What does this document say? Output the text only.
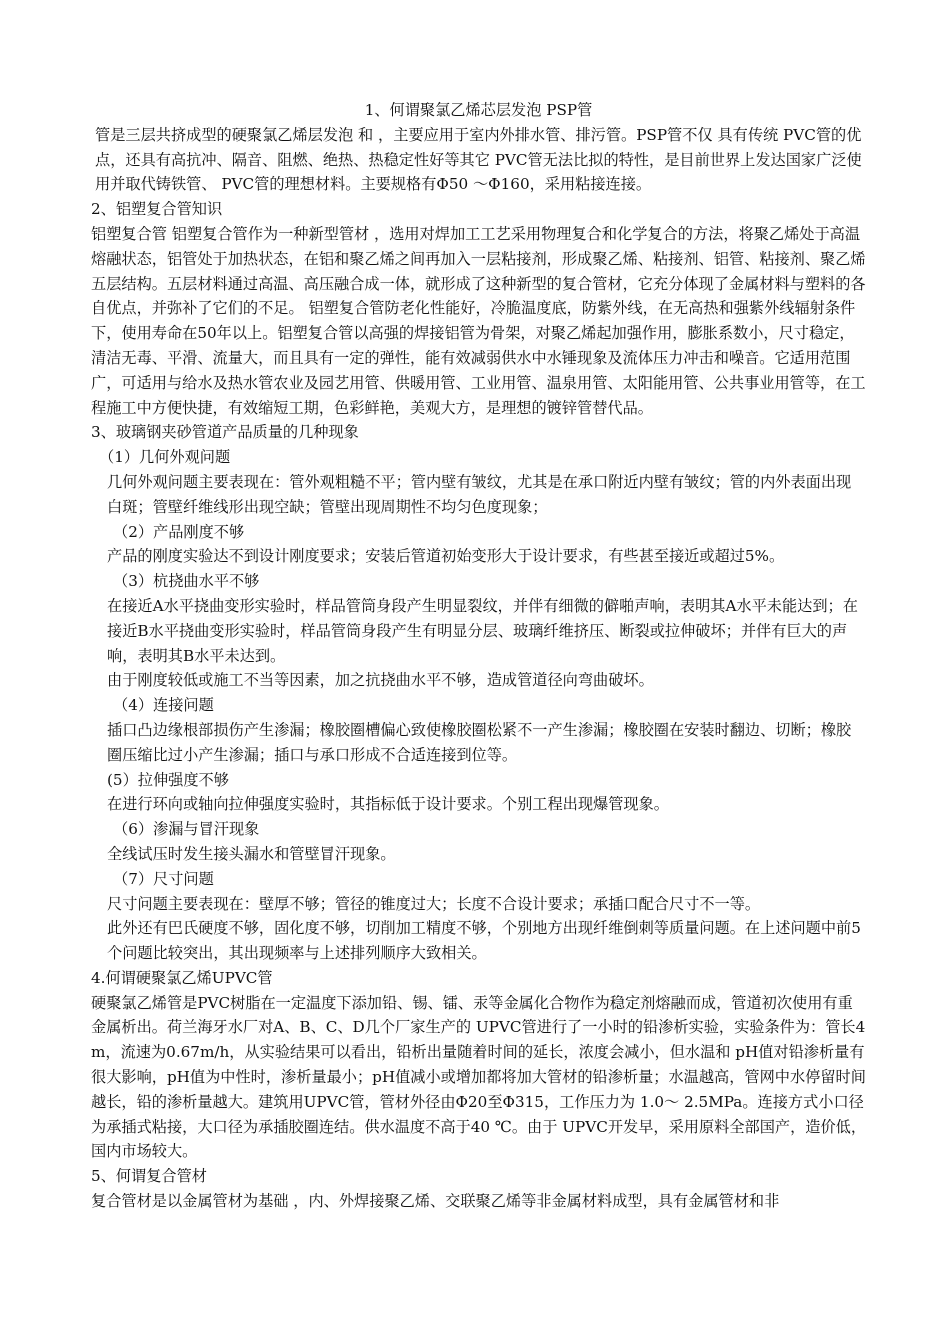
1、何谓聚氯乙烯芯层发泡 PSP管

管是三层共挤成型的硬聚氯乙烯层发泡 和 ，主要应用于室内外排水管、排污管。PSP管不仅 具有传统 PVC管的优点，还具有高抗冲、隔音、阻燃、绝热、热稳定性好等其它 PVC管无法比拟的特性，是目前世界上发达国家广泛使用并取代铸铁管、 PVC管的理想材料。主要规格有Φ50 ～Φ160，采用粘接连接。

2、铝塑复合管知识

铝塑复合管 铝塑复合管作为一种新型管材 ，选用对焊加工工艺采用物理复合和化学复合的方法，将聚乙烯处于高温熔融状态，铝管处于加热状态，在铝和聚乙烯之间再加入一层粘接剂，形成聚乙烯、粘接剂、铝管、粘接剂、聚乙烯五层结构。五层材料通过高温、高压融合成一体，就形成了这种新型的复合管材，它充分体现了金属材料与塑料的各自优点，并弥补了它们的不足。 铝塑复合管防老化性能好，冷脆温度底，防紫外线，在无高热和强紫外线辐射条件下，使用寿命在50年以上。铝塑复合管以高强的焊接铝管为骨架，对聚乙烯起加强作用，膨胀系数小，尺寸稳定，清洁无毒、平滑、流量大，而且具有一定的弹性，能有效减弱供水中水锤现象及流体压力冲击和噪音。它适用范围广，可适用与给水及热水管农业及园艺用管、供暖用管、工业用管、温泉用管、太阳能用管、公共事业用管等，在工程施工中方便快捷，有效缩短工期，色彩鲜艳，美观大方，是理想的镀锌管替代品。

3、玻璃钢夹砂管道产品质量的几种现象

（1）几何外观问题

几何外观问题主要表现在：管外观粗糙不平；管内壁有皱纹，尤其是在承口附近内壁有皱纹；管的内外表面出现白斑；管壁纤维线形出现空缺；管壁出现周期性不均匀色度现象；

（2）产品刚度不够

产品的刚度实验达不到设计刚度要求；安装后管道初始变形大于设计要求，有些甚至接近或超过5%。

（3）杭挠曲水平不够

在接近A水平挠曲变形实验时，样品管筒身段产生明显裂纹，并伴有细微的僻啪声响，表明其A水平未能达到；在接近B水平挠曲变形实验时，样品管筒身段产生有明显分层、玻璃纤维挤压、断裂或拉伸破坏；并伴有巨大的声响，表明其B水平未达到。

由于刚度较低或施工不当等因素，加之抗挠曲水平不够，造成管道径向弯曲破坏。

（4）连接问题

插口凸边缘根部损伤产生渗漏；橡胶圈槽偏心致使橡胶圈松紧不一产生渗漏；橡胶圈在安装时翻边、切断；橡胶圈压缩比过小产生渗漏；插口与承口形成不合适连接到位等。

(5）拉伸强度不够

在进行环向或轴向拉伸强度实验时，其指标低于设计要求。个别工程出现爆管现象。

（6）渗漏与冒汗现象

全线试压时发生接头漏水和管壁冒汗现象。

（7）尺寸问题

尺寸问题主要表现在：壁厚不够；管径的锥度过大；长度不合设计要求；承插口配合尺寸不一等。

此外还有巴氏硬度不够，固化度不够，切削加工精度不够，个别地方出现纤维倒刺等质量问题。在上述问题中前5个问题比较突出，其出现频率与上述排列顺序大致相关。

4.何谓硬聚氯乙烯UPVC管

硬聚氯乙烯管是PVC树脂在一定温度下添加铅、锡、镭、汞等金属化合物作为稳定剂熔融而成，管道初次使用有重金属析出。荷兰海牙水厂对A、B、C、D几个厂家生产的 UPVC管进行了一小时的铅渗析实验，实验条件为：管长4 m，流速为0.67m/h，从实验结果可以看出，铅析出量随着时间的延长，浓度会减小，但水温和 pH值对铅渗析量有很大影响，pH值为中性时，渗析量最小；pH值减小或增加都将加大管材的铅渗析量；水温越高，管网中水停留时间越长，铅的渗析量越大。建筑用UPVC管，管材外径由Φ20至Φ315，工作压力为 1.0～ 2.5MPa。连接方式小口径为承插式粘接，大口径为承插胶圈连结。供水温度不高于40 ℃。由于 UPVC开发早，采用原料全部国产，造价低，国内市场较大。

5、何谓复合管材

复合管材是以金属管材为基础 ，内、外焊接聚乙烯、交联聚乙烯等非金属材料成型，具有金属管材和非
